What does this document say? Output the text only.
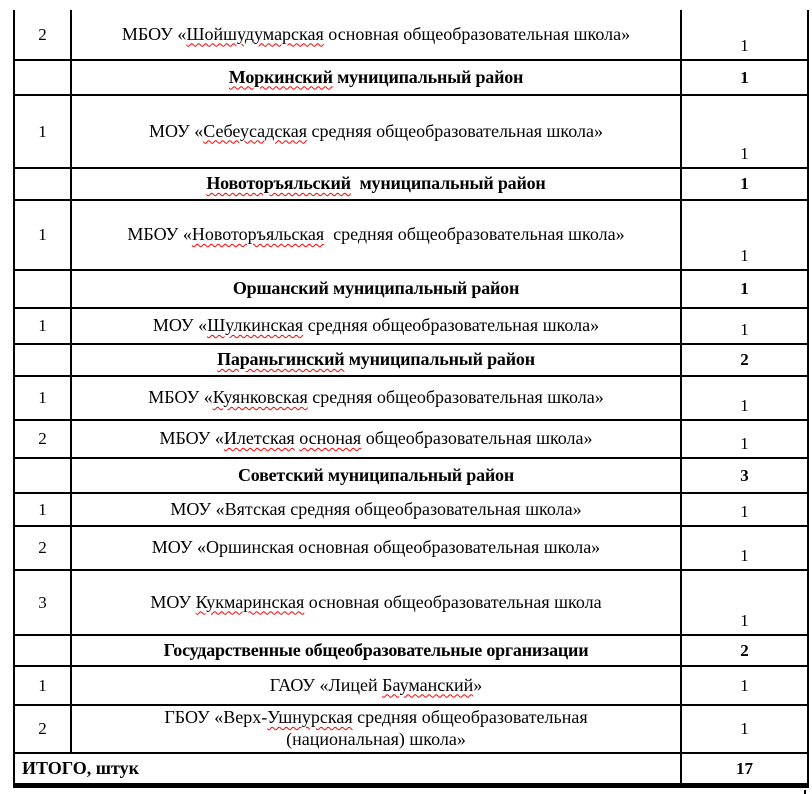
2	МБОУ «Шойшудумарская основная общеобразовательная школа»	1
	Моркинский муниципальный район	1
1	МОУ «Себеусадская средняя общеобразовательная школа»	1
	Новоторъяльский  муниципальный район	1
1	МБОУ «Новоторъяльская  средняя общеобразовательная школа»	1
	Оршанский муниципальный район	1
1	МОУ «Шулкинская средняя общеобразовательная школа»	1
	Параньгинский муниципальный район	2
1	МБОУ «Куянковская средняя общеобразовательная школа»	1
2	МБОУ «Илетская осноная общеобразовательная школа»	1
	Советский муниципальный район	3
1	МОУ «Вятская средняя общеобразовательная школа»	1
2	МОУ «Оршинская основная общеобразовательная школа»	1
3	МОУ Кукмаринская основная общеобразовательная школа	1
	Государственные общеобразовательные организации	2
1	ГАОУ «Лицей Бауманский»	1
2	ГБОУ «Верх-Ушнурская средняя общеобразовательная
(национальная) школа»	1
ИТОГО, штук		17
